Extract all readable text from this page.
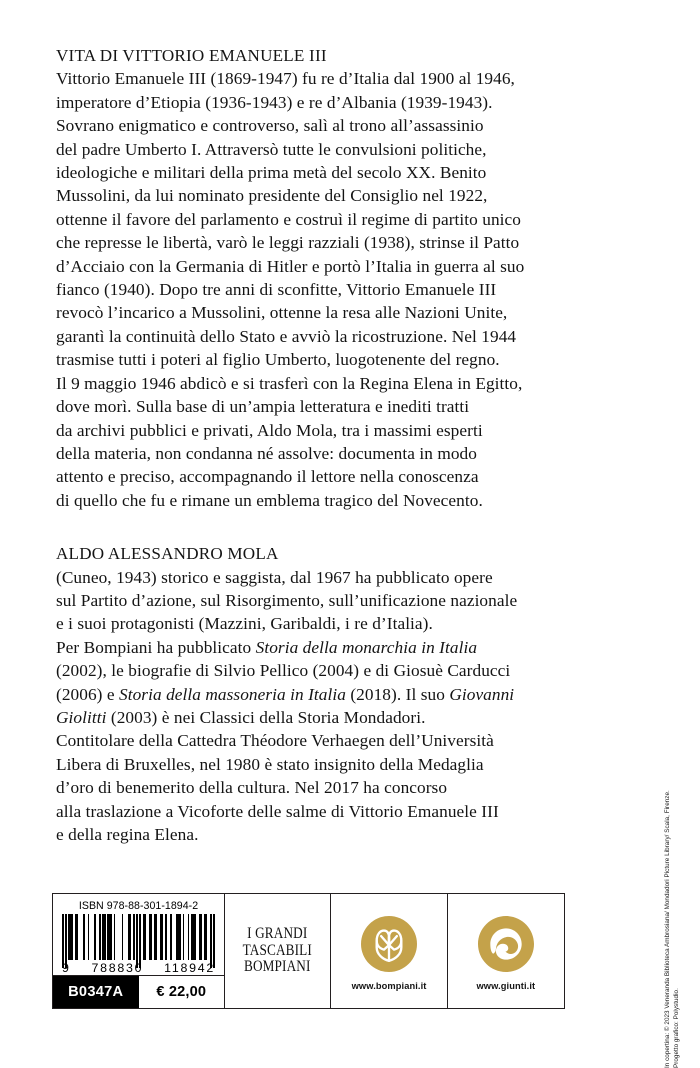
VITA DI VITTORIO EMANUELE III
Vittorio Emanuele III (1869-1947) fu re d’Italia dal 1900 al 1946,
imperatore d’Etiopia (1936-1943) e re d’Albania (1939-1943).
Sovrano enigmatico e controverso, salì al trono all’assassinio
del padre Umberto I. Attraversò tutte le convulsioni politiche,
ideologiche e militari della prima metà del secolo XX. Benito
Mussolini, da lui nominato presidente del Consiglio nel 1922,
ottenne il favore del parlamento e costruì il regime di partito unico
che represse le libertà, varò le leggi razziali (1938), strinse il Patto
d’Acciaio con la Germania di Hitler e portò l’Italia in guerra al suo
fianco (1940). Dopo tre anni di sconfitte, Vittorio Emanuele III
revocò l’incarico a Mussolini, ottenne la resa alle Nazioni Unite,
garantì la continuità dello Stato e avviò la ricostruzione. Nel 1944
trasmise tutti i poteri al figlio Umberto, luogotenente del regno.
Il 9 maggio 1946 abdicò e si trasferì con la Regina Elena in Egitto,
dove morì. Sulla base di un’ampia letteratura e inediti tratti
da archivi pubblici e privati, Aldo Mola, tra i massimi esperti
della materia, non condanna né assolve: documenta in modo
attento e preciso, accompagnando il lettore nella conoscenza
di quello che fu e rimane un emblema tragico del Novecento.
ALDO ALESSANDRO MOLA
(Cuneo, 1943) storico e saggista, dal 1967 ha pubblicato opere
sul Partito d’azione, sul Risorgimento, sull’unificazione nazionale
e i suoi protagonisti (Mazzini, Garibaldi, i re d’Italia).
Per Bompiani ha pubblicato Storia della monarchia in Italia
(2002), le biografie di Silvio Pellico (2004) e di Giosuè Carducci
(2006) e Storia della massoneria in Italia (2018). Il suo Giovanni
Giolitti (2003) è nei Classici della Storia Mondadori.
Contitolare della Cattedra Théodore Verhaegen dell’Università
Libera di Bruxelles, nel 1980 è stato insignito della Medaglia
d’oro di benemerito della cultura. Nel 2017 ha concorso
alla traslazione a Vicoforte delle salme di Vittorio Emanuele III
e della regina Elena.
ISBN 978-88-301-1894-2
9 788830 118942
B0347A	€ 22,00
I GRANDI
TASCABILI
BOMPIANI
www.bompiani.it	www.giunti.it	In copertina: © 2023 Veneranda Biblioteca Ambrosiana/ Mondadori Picture Library/ Scala, Firenze. Progetto grafico: Polystudio.
